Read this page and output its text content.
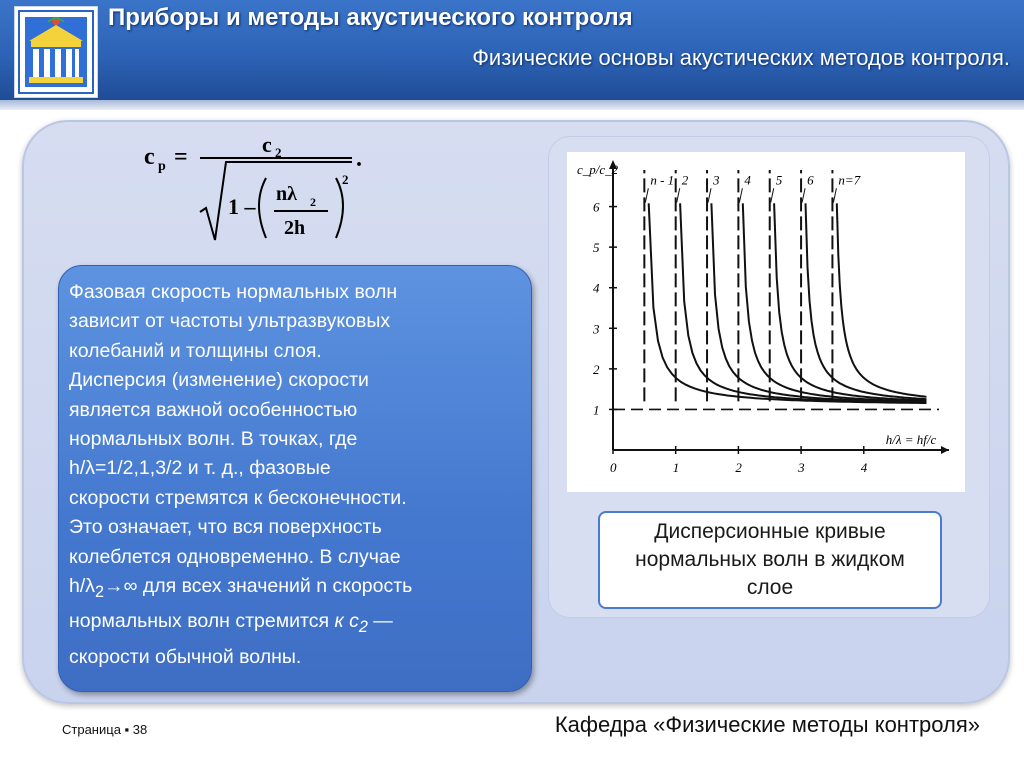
Приборы и методы акустического контроля
Физические основы акустических методов контроля.
c p =	c 2	.
1 – nλ 2
2h
2

Фазовая скорость нормальных волн
зависит от частоты ультразвуковых
колебаний и толщины слоя.
Дисперсия (изменение) скорости
является важной особенностью
нормальных волн. В точках, где
h/λ=1/2,1,3/2 и т. д., фазовые
скорости стремятся к бесконечности.
Это означает, что вся поверхность
колеблется одновременно. В случае
$h/\lambda_2\to\infty$ для всех значений n скорость
нормальных волн стремится к $c_2$ —
скорости обычной волны.

c_p/c_2
h/λ = hf/c
0	1	2	3	4
1
2
3
4
5
6
n - 1 2 3 4 5 6 n=7
Дисперсионные кривые нормальных волн в жидком слое
Страница ▪ 38	Кафедра «Физические методы контроля»
